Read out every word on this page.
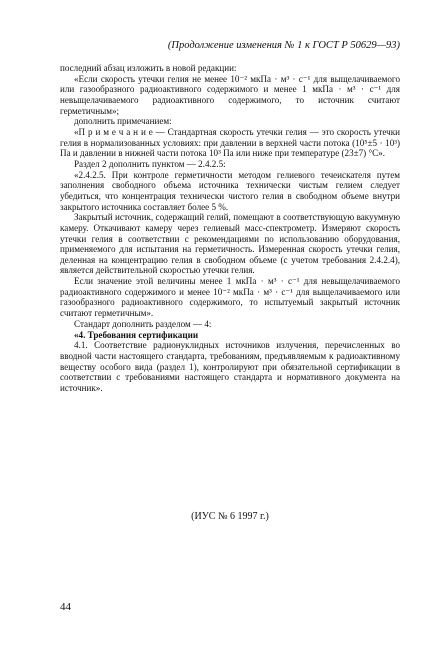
(Продолжение изменения № 1 к ГОСТ Р 50629—93)

последний абзац изложить в новой редакции:

«Если скорость утечки гелия не менее 10⁻² мкПа · м³ · с⁻¹ для выщелачиваемого или газообразного радиоактивного содержимого и менее 1 мкПа · м³ · с⁻¹ для невыщелачиваемого радиоактивного содержимого, то источник считают герметичным»;

дополнить примечанием:

«П р и м е ч а н и е — Стандартная скорость утечки гелия — это скорость утечки гелия в нормализованных условиях: при давлении в верхней части потока (10⁵±5 · 10³) Па и давлении в нижней части потока 10³ Па или ниже при температуре (23±7) °С».

Раздел 2 дополнить пунктом — 2.4.2.5:

«2.4.2.5. При контроле герметичности методом гелиевого течеискателя путем заполнения свободного объема источника технически чистым гелием следует убедиться, что концентрация технически чистого гелия в свободном объеме внутри закрытого источника составляет более 5 %.

Закрытый источник, содержащий гелий, помещают в соответствующую вакуумную камеру. Откачивают камеру через гелиевый масс-спектрометр. Измеряют скорость утечки гелия в соответствии с рекомендациями по использованию оборудования, применяемого для испытания на герметичность. Измеренная скорость утечки гелия, деленная на концентрацию гелия в свободном объеме (с учетом требования 2.4.2.4), является действительной скоростью утечки гелия.

Если значение этой величины менее 1 мкПа · м³ · с⁻¹ для невыщелачиваемого радиоактивного содержимого и менее 10⁻² мкПа · м³ · с⁻¹ для выщелачиваемого или газообразного радиоактивного содержимого, то испытуемый закрытый источник считают герметичным».

Стандарт дополнить разделом — 4:

«4. Требования сертификации

4.1. Соответствие радионуклидных источников излучения, перечисленных во вводной части настоящего стандарта, требованиям, предъявляемым к радиоактивному веществу особого вида (раздел 1), контролируют при обязательной сертификации в соответствии с требованиями настоящего стандарта и нормативного документа на источник».

(ИУС № 6 1997 г.)
44
